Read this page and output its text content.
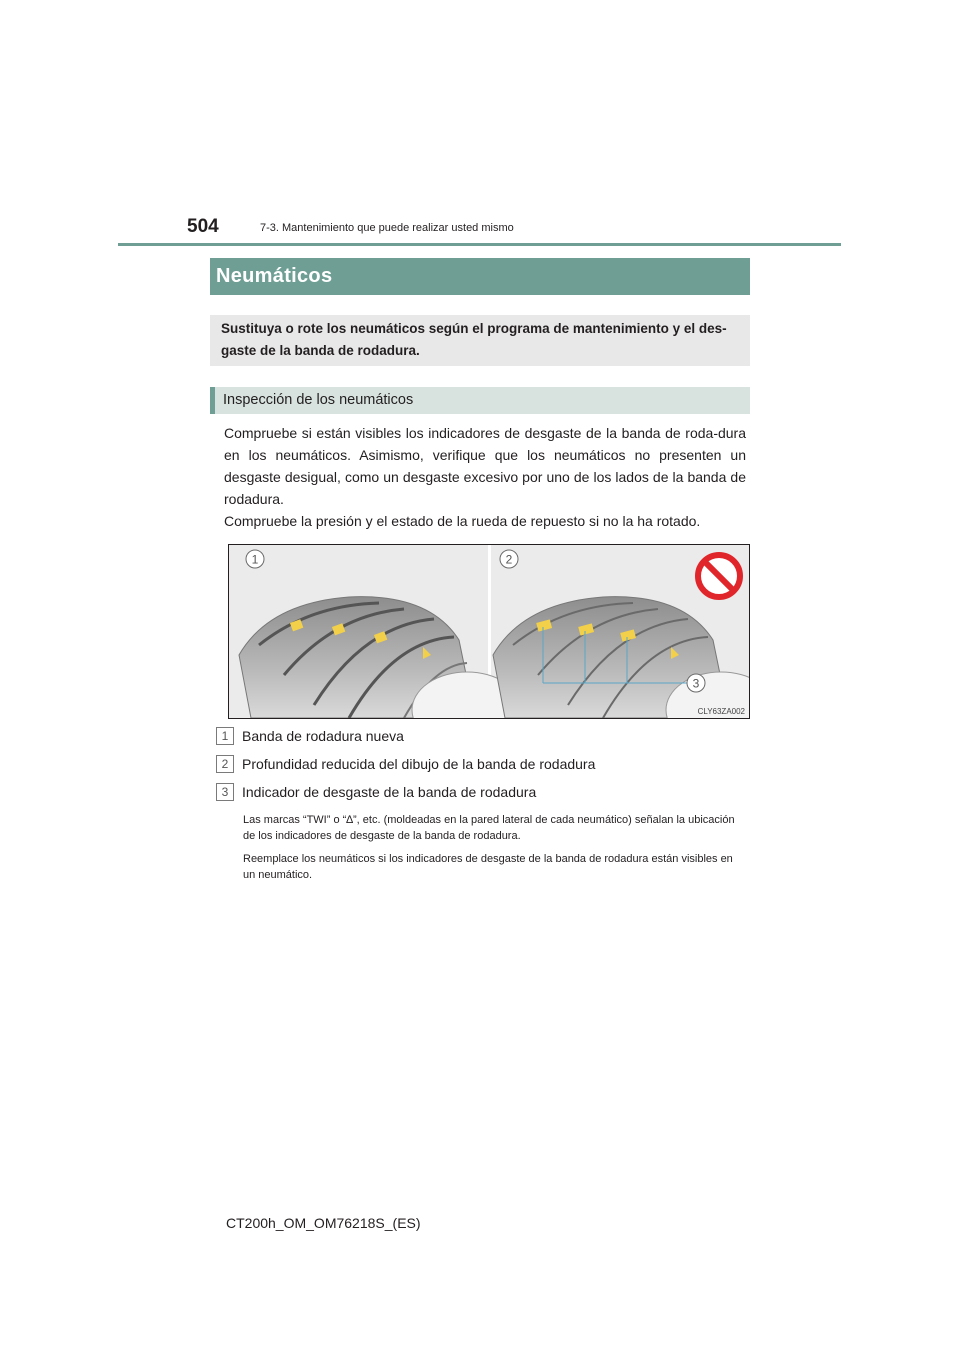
504	7-3. Mantenimiento que puede realizar usted mismo
Neumáticos
Sustituya o rote los neumáticos según el programa de mantenimiento y el des-gaste de la banda de rodadura.
Inspección de los neumáticos

Compruebe si están visibles los indicadores de desgaste de la banda de roda-dura en los neumáticos. Asimismo, verifique que los neumáticos no presenten un desgaste desigual, como un desgaste excesivo por uno de los lados de la banda de rodadura.

Compruebe la presión y el estado de la rueda de repuesto si no la ha rotado.

1	2
3
CLY63ZA002
1 Banda de rodadura nueva
2 Profundidad reducida del dibujo de la banda de rodadura
3 Indicador de desgaste de la banda de rodadura
Las marcas “TWI” o “∆”, etc. (moldeadas en la pared lateral de cada neumático) señalan la ubicación de los indicadores de desgaste de la banda de rodadura.
Reemplace los neumáticos si los indicadores de desgaste de la banda de rodadura están visibles en un neumático.
CT200h_OM_OM76218S_(ES)
